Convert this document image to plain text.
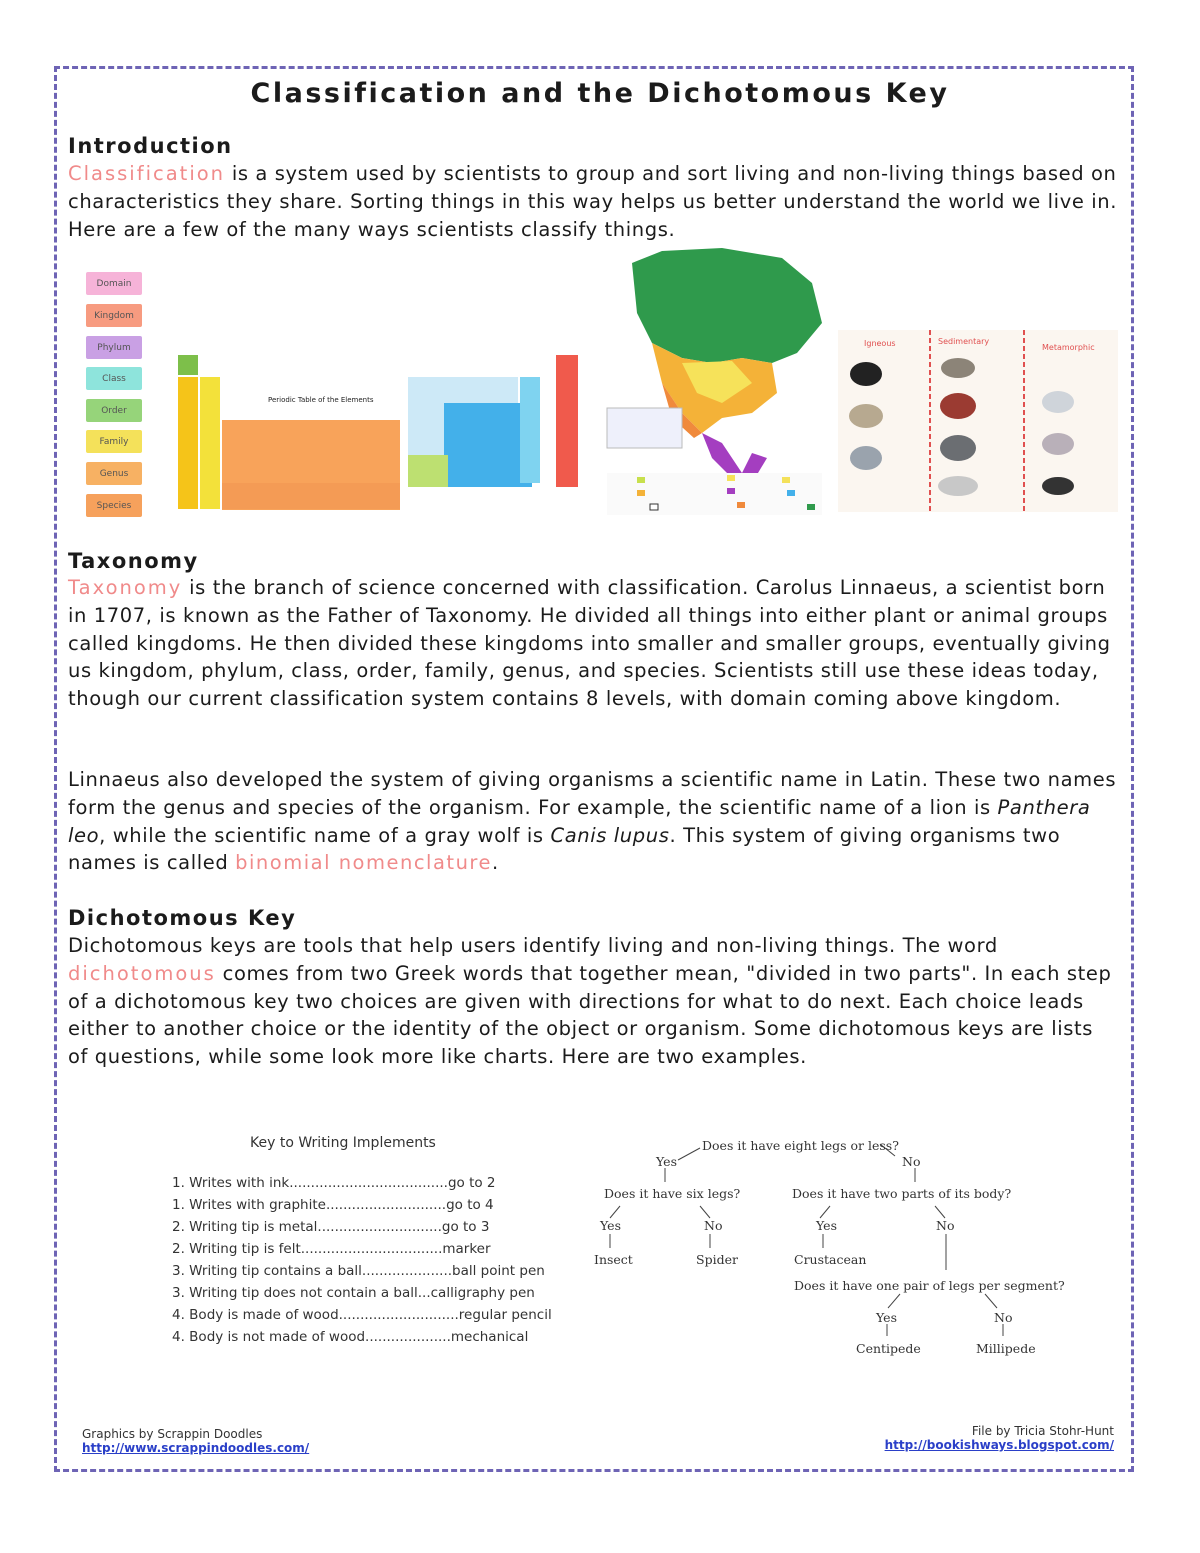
Classification and the Dichotomous Key
Introduction
Classification is a system used by scientists to group and sort living and non-living things based on characteristics they share. Sorting things in this way helps us better understand the world we live in. Here are a few of the many ways scientists classify things.
Domain
Kingdom
Phylum
Class
Order
Family
Genus
Species
Periodic Table of the Elements
Igneous	Sedimentary
Metamorphic
Taxonomy
Taxonomy is the branch of science concerned with classification. Carolus Linnaeus, a scientist born in 1707, is known as the Father of Taxonomy. He divided all things into either plant or animal groups called kingdoms. He then divided these kingdoms into smaller and smaller groups, eventually giving us kingdom, phylum, class, order, family, genus, and species. Scientists still use these ideas today, though our current classification system contains 8 levels, with domain coming above kingdom.
Linnaeus also developed the system of giving organisms a scientific name in Latin. These two names form the genus and species of the organism. For example, the scientific name of a lion is Panthera leo, while the scientific name of a gray wolf is Canis lupus. This system of giving organisms two names is called binomial nomenclature.
Dichotomous Key
Dichotomous keys are tools that help users identify living and non-living things. The word dichotomous comes from two Greek words that together mean, "divided in two parts". In each step of a dichotomous key two choices are given with directions for what to do next. Each choice leads either to another choice or the identity of the object or organism. Some dichotomous keys are lists of questions, while some look more like charts. Here are two examples.
Key to Writing Implements
1. Writes with ink.....................................go to 2
1. Writes with graphite............................go to 4
2. Writing tip is metal.............................go to 3
2. Writing tip is felt.................................marker
3. Writing tip contains a ball.....................ball point pen
3. Writing tip does not contain a ball...calligraphy pen
4. Body is made of wood............................regular pencil
4. Body is not made of wood....................mechanical
Does it have eight legs or less?
Yes	No
Does it have six legs?
Yes	No
Insect	Spider
Does it have two parts of its body?
Yes	No
Crustacean
Does it have one pair of legs per segment?
Yes	No
Centipede	Millipede
Graphics by Scrappin Doodles
http://www.scrappindoodles.com/
File by Tricia Stohr-Hunt
http://bookishways.blogspot.com/
